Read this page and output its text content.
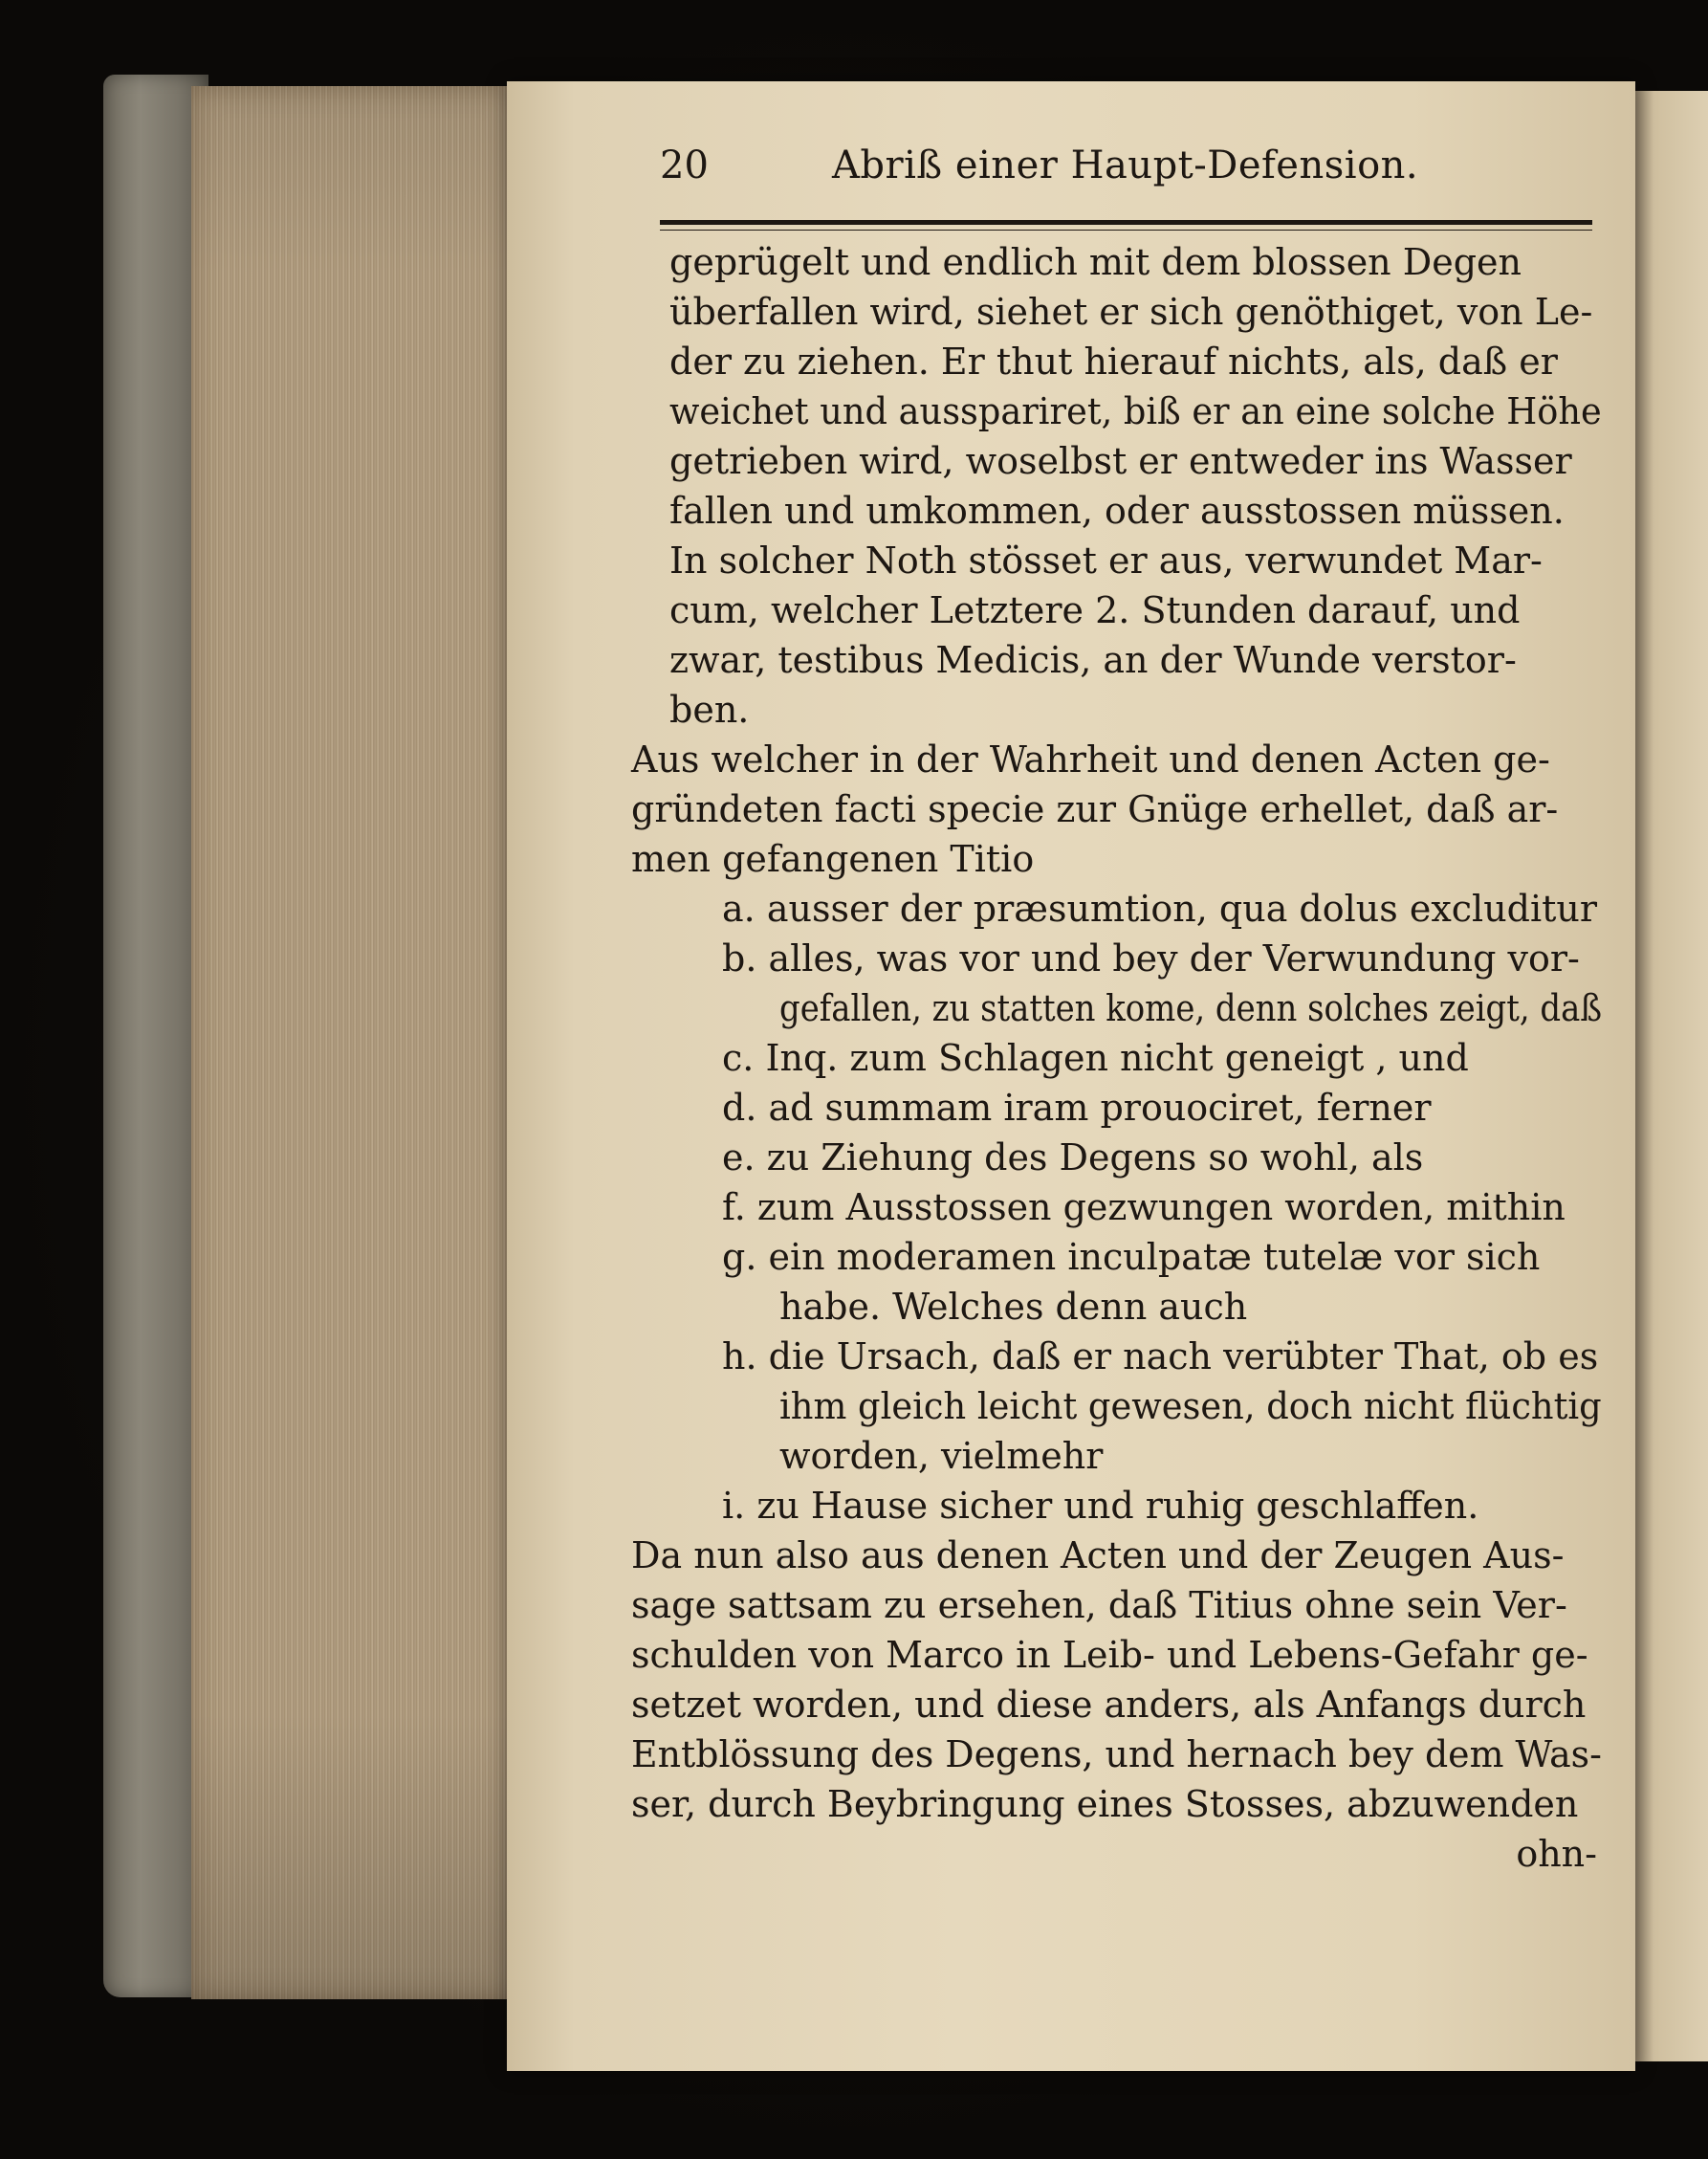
20	Abriß einer Haupt-Defension.
geprügelt und endlich mit dem blossen Degen
überfallen wird, siehet er sich genöthiget, von Le-
der zu ziehen. Er thut hierauf nichts, als, daß er
weichet und ausspariret, biß er an eine solche Höhe
getrieben wird, woselbst er entweder ins Wasser
fallen und umkommen, oder ausstossen müssen.
In solcher Noth stösset er aus, verwundet Mar-
cum, welcher Letztere 2. Stunden darauf, und
zwar, testibus Medicis, an der Wunde verstor-
ben.
Aus welcher in der Wahrheit und denen Acten ge-
gründeten facti specie zur Gnüge erhellet, daß ar-
men gefangenen Titio
a. ausser der præsumtion, qua dolus excluditur
b. alles, was vor und bey der Verwundung vor-
gefallen, zu statten kome, denn solches zeigt, daß
c. Inq. zum Schlagen nicht geneigt , und
d. ad summam iram prouociret, ferner
e. zu Ziehung des Degens so wohl, als
f. zum Ausstossen gezwungen worden, mithin
g. ein moderamen inculpatæ tutelæ vor sich
habe. Welches denn auch
h. die Ursach, daß er nach verübter That, ob es
ihm gleich leicht gewesen, doch nicht flüchtig
worden, vielmehr
i. zu Hause sicher und ruhig geschlaffen.
Da nun also aus denen Acten und der Zeugen Aus-
sage sattsam zu ersehen, daß Titius ohne sein Ver-
schulden von Marco in Leib- und Lebens-Gefahr ge-
setzet worden, und diese anders, als Anfangs durch
Entblössung des Degens, und hernach bey dem Was-
ser, durch Beybringung eines Stosses, abzuwenden
ohn-
